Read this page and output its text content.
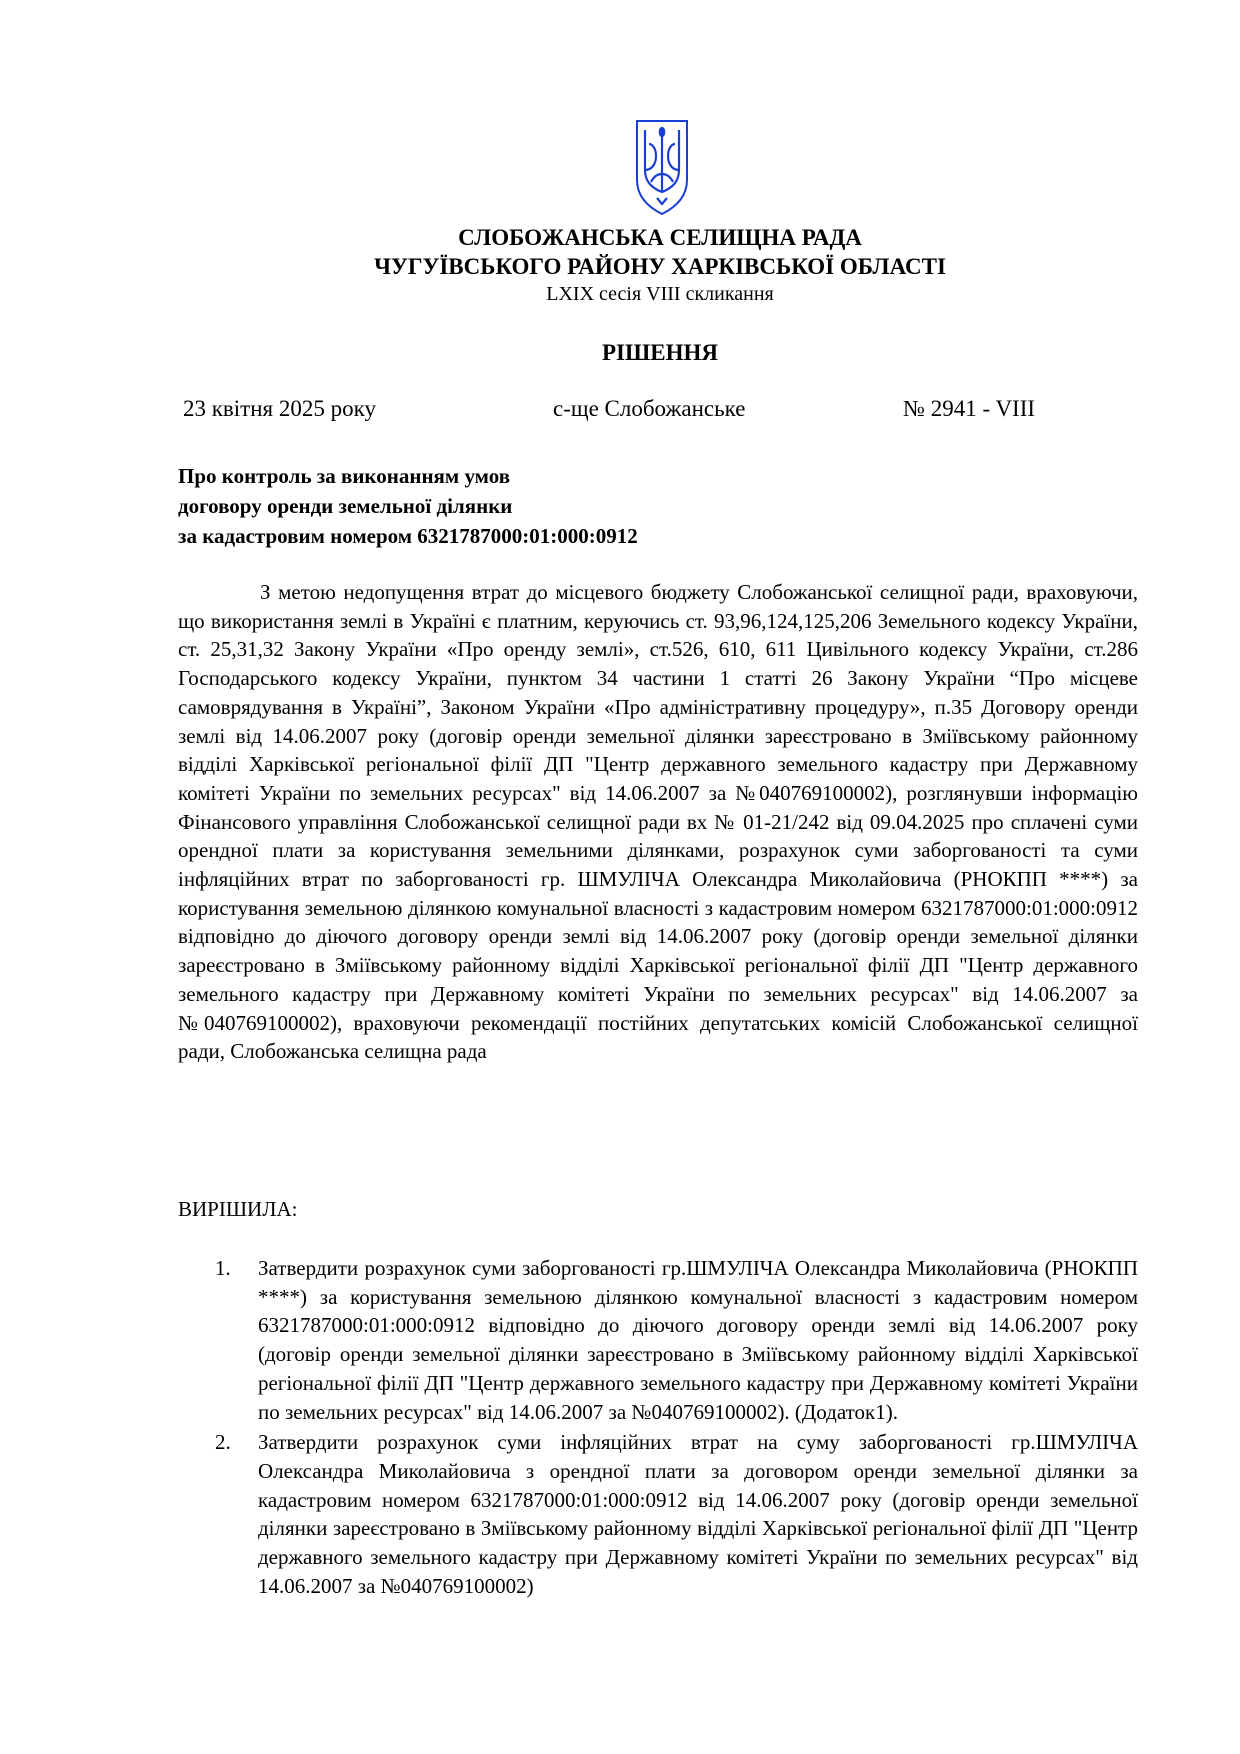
СЛОБОЖАНСЬКА СЕЛИЩНА РАДА
ЧУГУЇВСЬКОГО РАЙОНУ ХАРКІВСЬКОЇ ОБЛАСТІ
LXIX сесія VIII скликання
РІШЕННЯ
23 квітня 2025 року	с-ще Слобожанське	№ 2941 - VIII
Про контроль за виконанням умов
договору оренди земельної ділянки
за кадастровим номером 6321787000:01:000:0912
З метою недопущення втрат до місцевого бюджету Слобожанської селищної ради, враховуючи, що використання землі в Україні є платним, керуючись ст. 93,96,124,125,206 Земельного кодексу України, ст. 25,31,32 Закону України «Про оренду землі», ст.526, 610, 611 Цивільного кодексу України, ст.286 Господарського кодексу України, пунктом 34 частини 1 статті 26 Закону України “Про місцеве самоврядування в Україні”, Законом України «Про адміністративну процедуру», п.35 Договору оренди землі від 14.06.2007 року (договір оренди земельної ділянки зареєстровано в Зміївському районному відділі Харківської регіональної філії ДП "Центр державного земельного кадастру при Державному комітеті України по земельних ресурсах" від 14.06.2007 за №040769100002), розглянувши інформацію Фінансового управління Слобожанської селищної ради вх № 01-21/242 від 09.04.2025 про сплачені суми орендної плати за користування земельними ділянками, розрахунок суми заборгованості та суми інфляційних втрат по заборгованості гр. ШМУЛІЧА Олександра Миколайовича (РНОКПП ****) за користування земельною ділянкою комунальної власності з кадастровим номером 6321787000:01:000:0912 відповідно до діючого договору оренди землі від 14.06.2007 року (договір оренди земельної ділянки зареєстровано в Зміївському районному відділі Харківської регіональної філії ДП "Центр державного земельного кадастру при Державному комітеті України по земельних ресурсах" від 14.06.2007 за №040769100002), враховуючи рекомендації постійних депутатських комісій Слобожанської селищної ради, Слобожанська селищна рада
ВИРІШИЛА:
1. Затвердити розрахунок суми заборгованості гр.ШМУЛІЧА Олександра Миколайовича (РНОКПП ****) за користування земельною ділянкою комунальної власності з кадастровим номером 6321787000:01:000:0912 відповідно до діючого договору оренди землі від 14.06.2007 року (договір оренди земельної ділянки зареєстровано в Зміївському районному відділі Харківської регіональної філії ДП "Центр державного земельного кадастру при Державному комітеті України по земельних ресурсах" від 14.06.2007 за №040769100002). (Додаток1).
2. Затвердити розрахунок суми інфляційних втрат на суму заборгованості гр.ШМУЛІЧА Олександра Миколайовича з орендної плати за договором оренди земельної ділянки за кадастровим номером 6321787000:01:000:0912 від 14.06.2007 року (договір оренди земельної ділянки зареєстровано в Зміївському районному відділі Харківської регіональної філії ДП "Центр державного земельного кадастру при Державному комітеті України по земельних ресурсах" від 14.06.2007 за №040769100002)
